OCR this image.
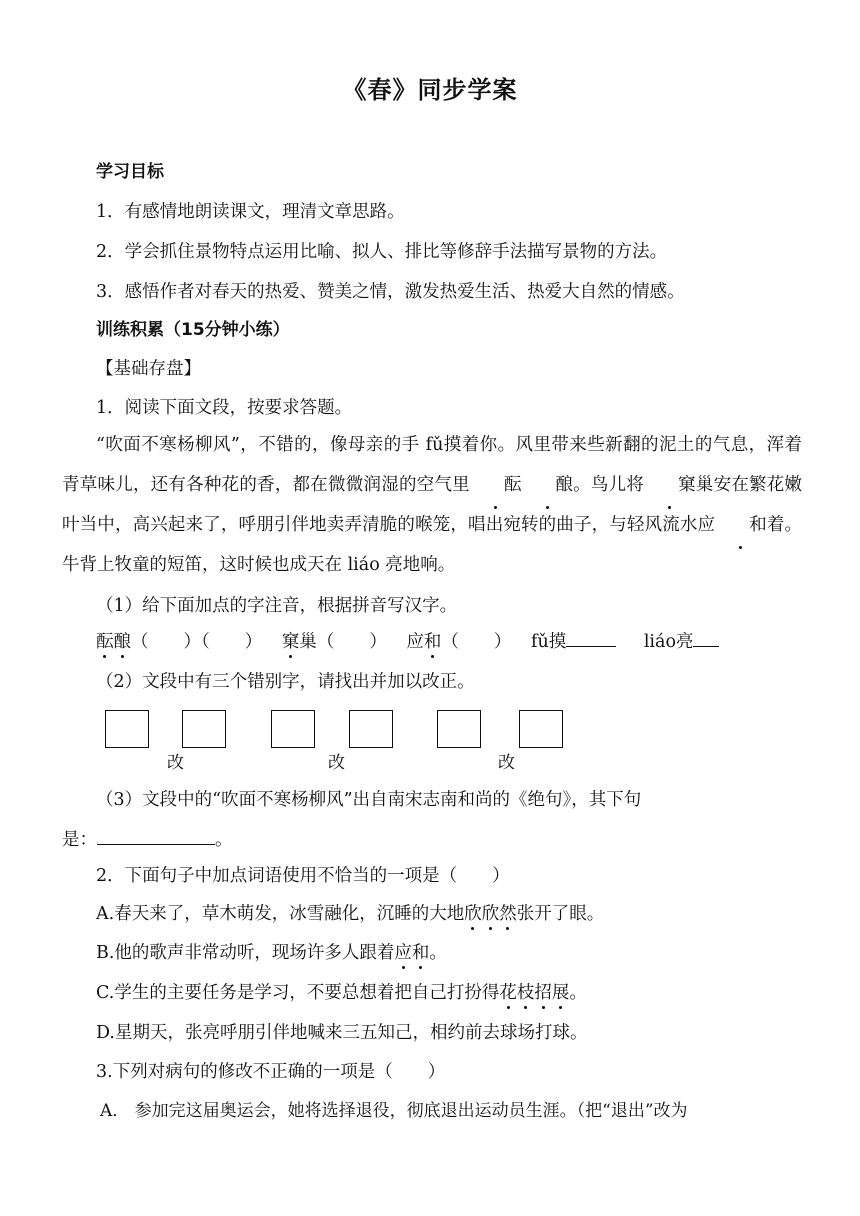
《春》同步学案
学习目标
1．有感情地朗读课文，理清文章思路。
2．学会抓住景物特点运用比喻、拟人、排比等修辞手法描写景物的方法。
3．感悟作者对春天的热爱、赞美之情，激发热爱生活、热爱大自然的情感。
训练积累（15分钟小练）
【基础存盘】
1．阅读下面文段，按要求答题。
“吹面不寒杨柳风”，不错的，像母亲的手 fǔ摸着你。风里带来些新翻的泥土的气息，浑着青草味儿，还有各种花的香，都在微微润湿的空气里 酝 酿。鸟儿将 窠巢安在繁花嫩叶当中，高兴起来了，呼朋引伴地卖弄清脆的喉笼，唱出宛转的曲子，与轻风流水应 和着。牛背上牧童的短笛，这时候也成天在 liáo 亮地响。
（1）给下面加点的字注音，根据拼音写汉字。
酝酿（　　）（　　） 窠巢（　　） 应和（　　） fǔ摸	liáo亮
（2）文段中有三个错别字，请找出并加以改正。
改	改	改
（3）文段中的“吹面不寒杨柳风”出自南宋志南和尚的《绝句》，其下句
是：	。
2．下面句子中加点词语使用不恰当的一项是（　　）
A.春天来了，草木萌发，冰雪融化，沉睡的大地欣欣然张开了眼。
B.他的歌声非常动听，现场许多人跟着应和。
C.学生的主要任务是学习，不要总想着把自己打扮得花枝招展。
D.星期天，张亮呼朋引伴地喊来三五知己，相约前去球场打球。
3.下列对病句的修改不正确的一项是（　　）
A． 参加完这届奥运会，她将选择退役，彻底退出运动员生涯。（把“退出”改为
